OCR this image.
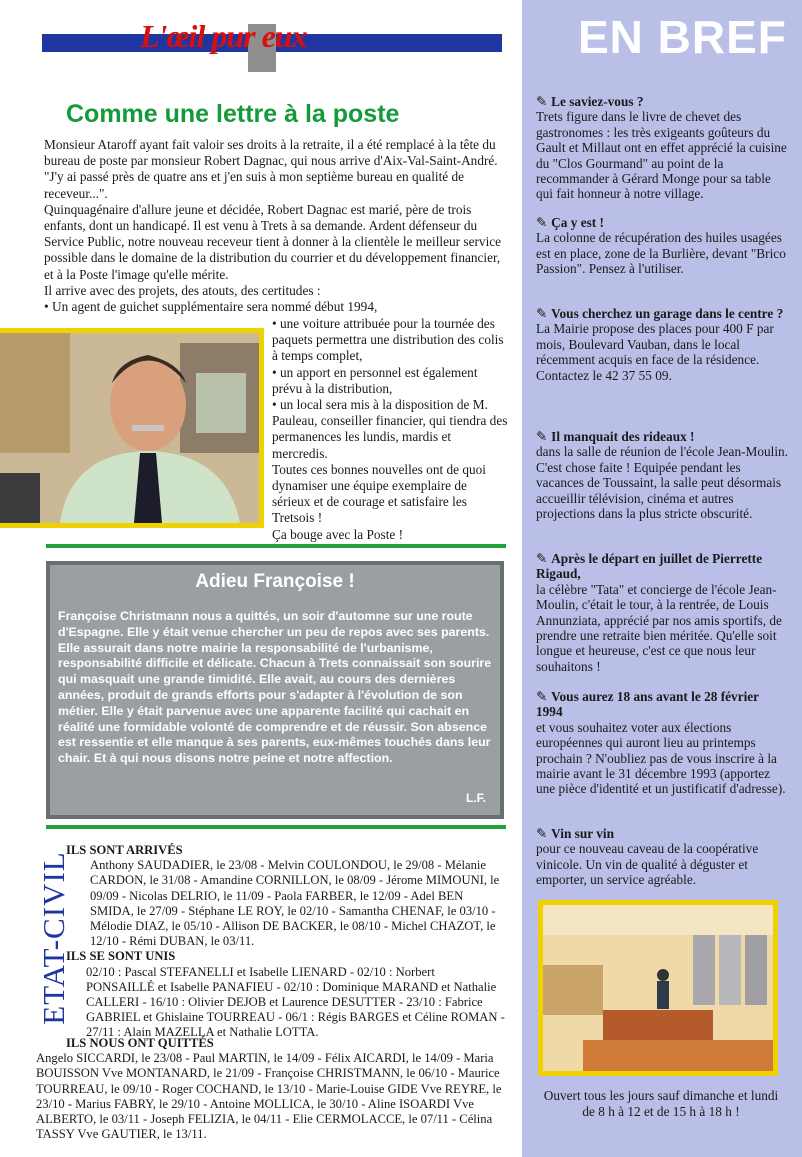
L'œil pur eux
Comme une lettre à la poste

Monsieur Ataroff ayant fait valoir ses droits à la retraite, il a été remplacé à la tête du bureau de poste par monsieur Robert Dagnac, qui nous arrive d'Aix-Val-Saint-André.

"J'y ai passé près de quatre ans et j'en suis à mon septième bureau en qualité de receveur...".

Quinquagénaire d'allure jeune et décidée, Robert Dagnac est marié, père de trois enfants, dont un handicapé. Il est venu à Trets à sa demande. Ardent défenseur du Service Public, notre nouveau receveur tient à donner à la clientèle le meilleur service possible dans le domaine de la distribution du courrier et du développement financier, et à la Poste l'image qu'elle mérite.

Il arrive avec des projets, des atouts, des certitudes :

• Un agent de guichet supplémentaire sera nommé début 1994,

• une voiture attribuée pour la tournée des paquets permettra une distribution des colis à temps complet,

• un apport en personnel est également prévu à la distribution,

• un local sera mis à la disposition de M. Pauleau, conseiller financier, qui tiendra des permanences les lundis, mardis et mercredis.

Toutes ces bonnes nouvelles ont de quoi dynamiser une équipe exemplaire de sérieux et de courage et satisfaire les Tretsois !

Ça bouge avec la Poste !

Adieu Françoise !
Françoise Christmann nous a quittés, un soir d'automne sur une route d'Espagne. Elle y était venue chercher un peu de repos avec ses parents. Elle assurait dans notre mairie la responsabilité de l'urbanisme, responsabilité difficile et délicate. Chacun à Trets connaissait son sourire qui masquait une grande timidité. Elle avait, au cours des dernières années, produit de grands efforts pour s'adapter à l'évolution de son métier. Elle y était parvenue avec une apparente facilité qui cachait en réalité une formidable volonté de comprendre et de réussir. Son absence est ressentie et elle manque à ses parents, eux-mêmes touchés dans leur chair. Et à qui nous disons notre peine et notre affection.
L.F.
ETAT-CIVIL
ILS SONT ARRIVÉS

Anthony SAUDADIER, le 23/08 - Melvin COULONDOU, le 29/08 - Mélanie CARDON, le 31/08 - Amandine CORNILLON, le 08/09 - Jérome MIMOUNI, le 09/09 - Nicolas DELRIO, le 11/09 - Paola FARBER, le 12/09 - Adel BEN SMIDA, le 27/09 - Stéphane LE ROY, le 02/10 - Samantha CHENAF, le 03/10 - Mélodie DIAZ, le 05/10 - Allison DE BACKER, le 08/10 - Michel CHAZOT, le 12/10 - Rémi DUBAN, le 03/11.

ILS SE SONT UNIS

02/10 : Pascal STEFANELLI et Isabelle LIENARD - 02/10 : Norbert PONSAILLÉ et Isabelle PANAFIEU - 02/10 : Dominique MARAND et Nathalie CALLERI - 16/10 : Olivier DEJOB et Laurence DESUTTER - 23/10 : Fabrice GABRIEL et Ghislaine TOURREAU - 06/1 : Régis BARGES et Céline ROMAN - 27/11 : Alain MAZELLA et Nathalie LOTTA.

ILS NOUS ONT QUITTÉS

Angelo SICCARDI, le 23/08 - Paul MARTIN, le 14/09 - Félix AICARDI, le 14/09 - Maria BOUISSON Vve MONTANARD, le 21/09 - Françoise CHRISTMANN, le 06/10 - Maurice TOURREAU, le 09/10 - Roger COCHAND, le 13/10 - Marie-Louise GIDE Vve REYRE, le 23/10 - Marius FABRY, le 29/10 - Antoine MOLLICA, le 30/10 - Aline ISOARDI Vve ALBERTO, le 03/11 - Joseph FELIZIA, le 04/11 - Elie CERMOLACCE, le 07/11 - Célina TASSY Vve GAUTIER, le 13/11.

EN BREF
✎ Le saviez-vous ?

Trets figure dans le livre de chevet des gastronomes : les très exigeants goûteurs du Gault et Millaut ont en effet apprécié la cuisine du "Clos Gourmand" au point de la recommander à Gérard Monge pour sa table qui fait honneur à notre village.

✎ Ça y est !

La colonne de récupération des huiles usagées est en place, zone de la Burlière, devant "Brico Passion". Pensez à l'utiliser.

✎ Vous cherchez un garage dans le centre ?

La Mairie propose des places pour 400 F par mois, Boulevard Vauban, dans le local récemment acquis en face de la résidence. Contactez le 42 37 55 09.

✎ Il manquait des rideaux !

dans la salle de réunion de l'école Jean-Moulin. C'est chose faite ! Equipée pendant les vacances de Toussaint, la salle peut désormais accueillir télévision, cinéma et autres projections dans la plus stricte obscurité.

✎ Après le départ en juillet de Pierrette Rigaud,

la célèbre "Tata" et concierge de l'école Jean-Moulin, c'était le tour, à la rentrée, de Louis Annunziata, apprécié par nos amis sportifs, de prendre une retraite bien méritée. Qu'elle soit longue et heureuse, c'est ce que nous leur souhaitons !

✎ Vous aurez 18 ans avant le 28 février 1994

et vous souhaitez voter aux élections européennes qui auront lieu au printemps prochain ? N'oubliez pas de vous inscrire à la mairie avant le 31 décembre 1993 (apportez une pièce d'identité et un justificatif d'adresse).

✎ Vin sur vin

pour ce nouveau caveau de la coopérative vinicole. Un vin de qualité à déguster et emporter, un service agréable.

Ouvert tous les jours sauf dimanche et lundi de 8 h à 12 et de 15 h à 18 h !
